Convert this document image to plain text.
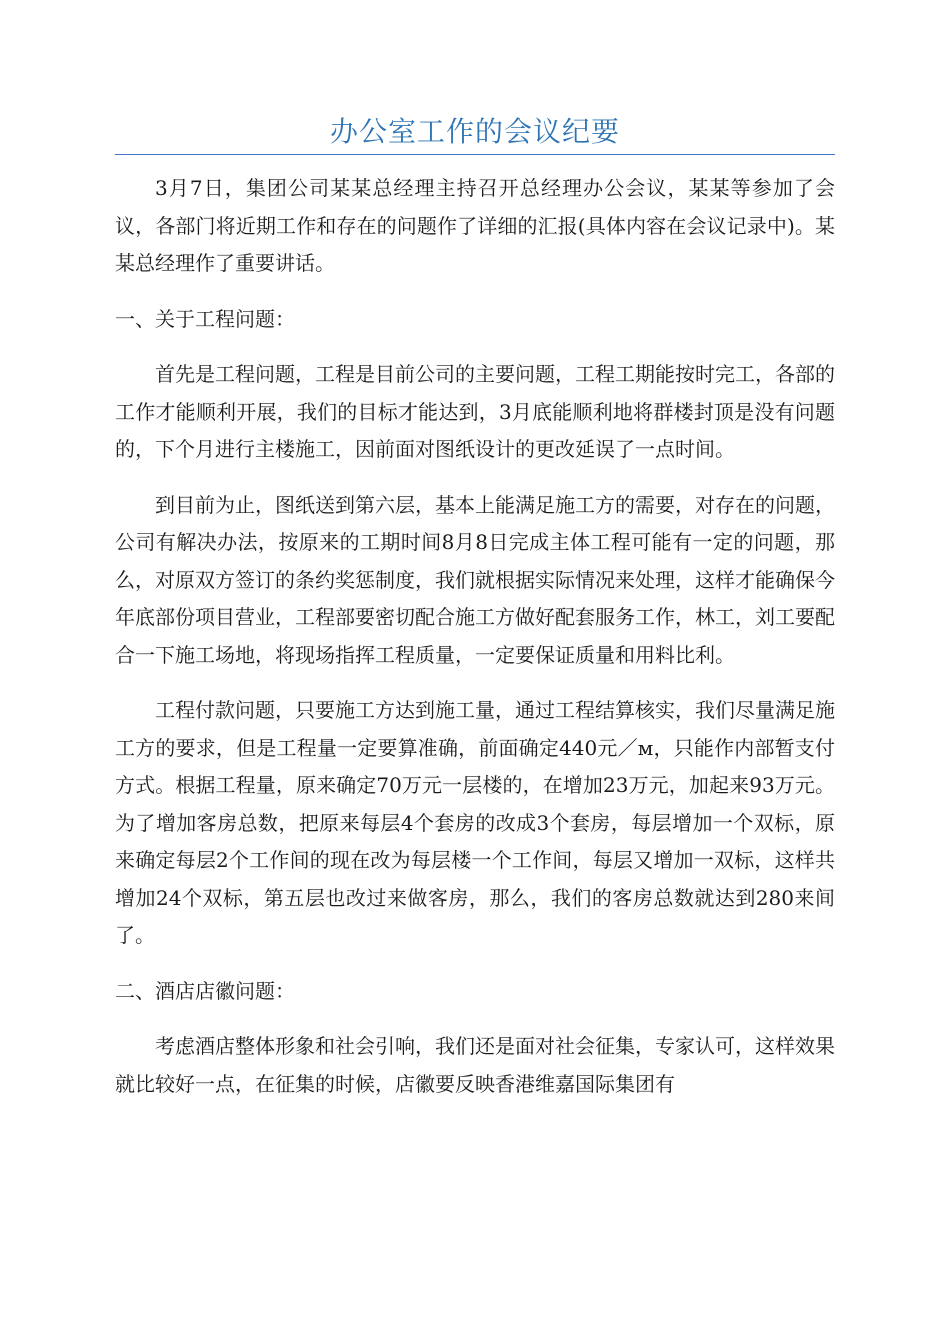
办公室工作的会议纪要

3月7日，集团公司某某总经理主持召开总经理办公会议，某某等参加了会议，各部门将近期工作和存在的问题作了详细的汇报(具体内容在会议记录中)。某某总经理作了重要讲话。

一、关于工程问题：

首先是工程问题，工程是目前公司的主要问题，工程工期能按时完工，各部的工作才能顺利开展，我们的目标才能达到，3月底能顺利地将群楼封顶是没有问题的，下个月进行主楼施工，因前面对图纸设计的更改延误了一点时间。

到目前为止，图纸送到第六层，基本上能满足施工方的需要，对存在的问题，公司有解决办法，按原来的工期时间8月8日完成主体工程可能有一定的问题，那么，对原双方签订的条约奖惩制度，我们就根据实际情况来处理，这样才能确保今年底部份项目营业，工程部要密切配合施工方做好配套服务工作，林工，刘工要配合一下施工场地，将现场指挥工程质量，一定要保证质量和用料比利。

工程付款问题，只要施工方达到施工量，通过工程结算核实，我们尽量满足施工方的要求，但是工程量一定要算准确，前面确定440元／м，只能作内部暂支付方式。根据工程量，原来确定70万元一层楼的，在增加23万元，加起来93万元。为了增加客房总数，把原来每层4个套房的改成3个套房，每层增加一个双标，原来确定每层2个工作间的现在改为每层楼一个工作间，每层又增加一双标，这样共增加24个双标，第五层也改过来做客房，那么，我们的客房总数就达到280来间了。

二、酒店店徽问题：

考虑酒店整体形象和社会引响，我们还是面对社会征集，专家认可，这样效果就比较好一点，在征集的时候，店徽要反映香港维嘉国际集团有
